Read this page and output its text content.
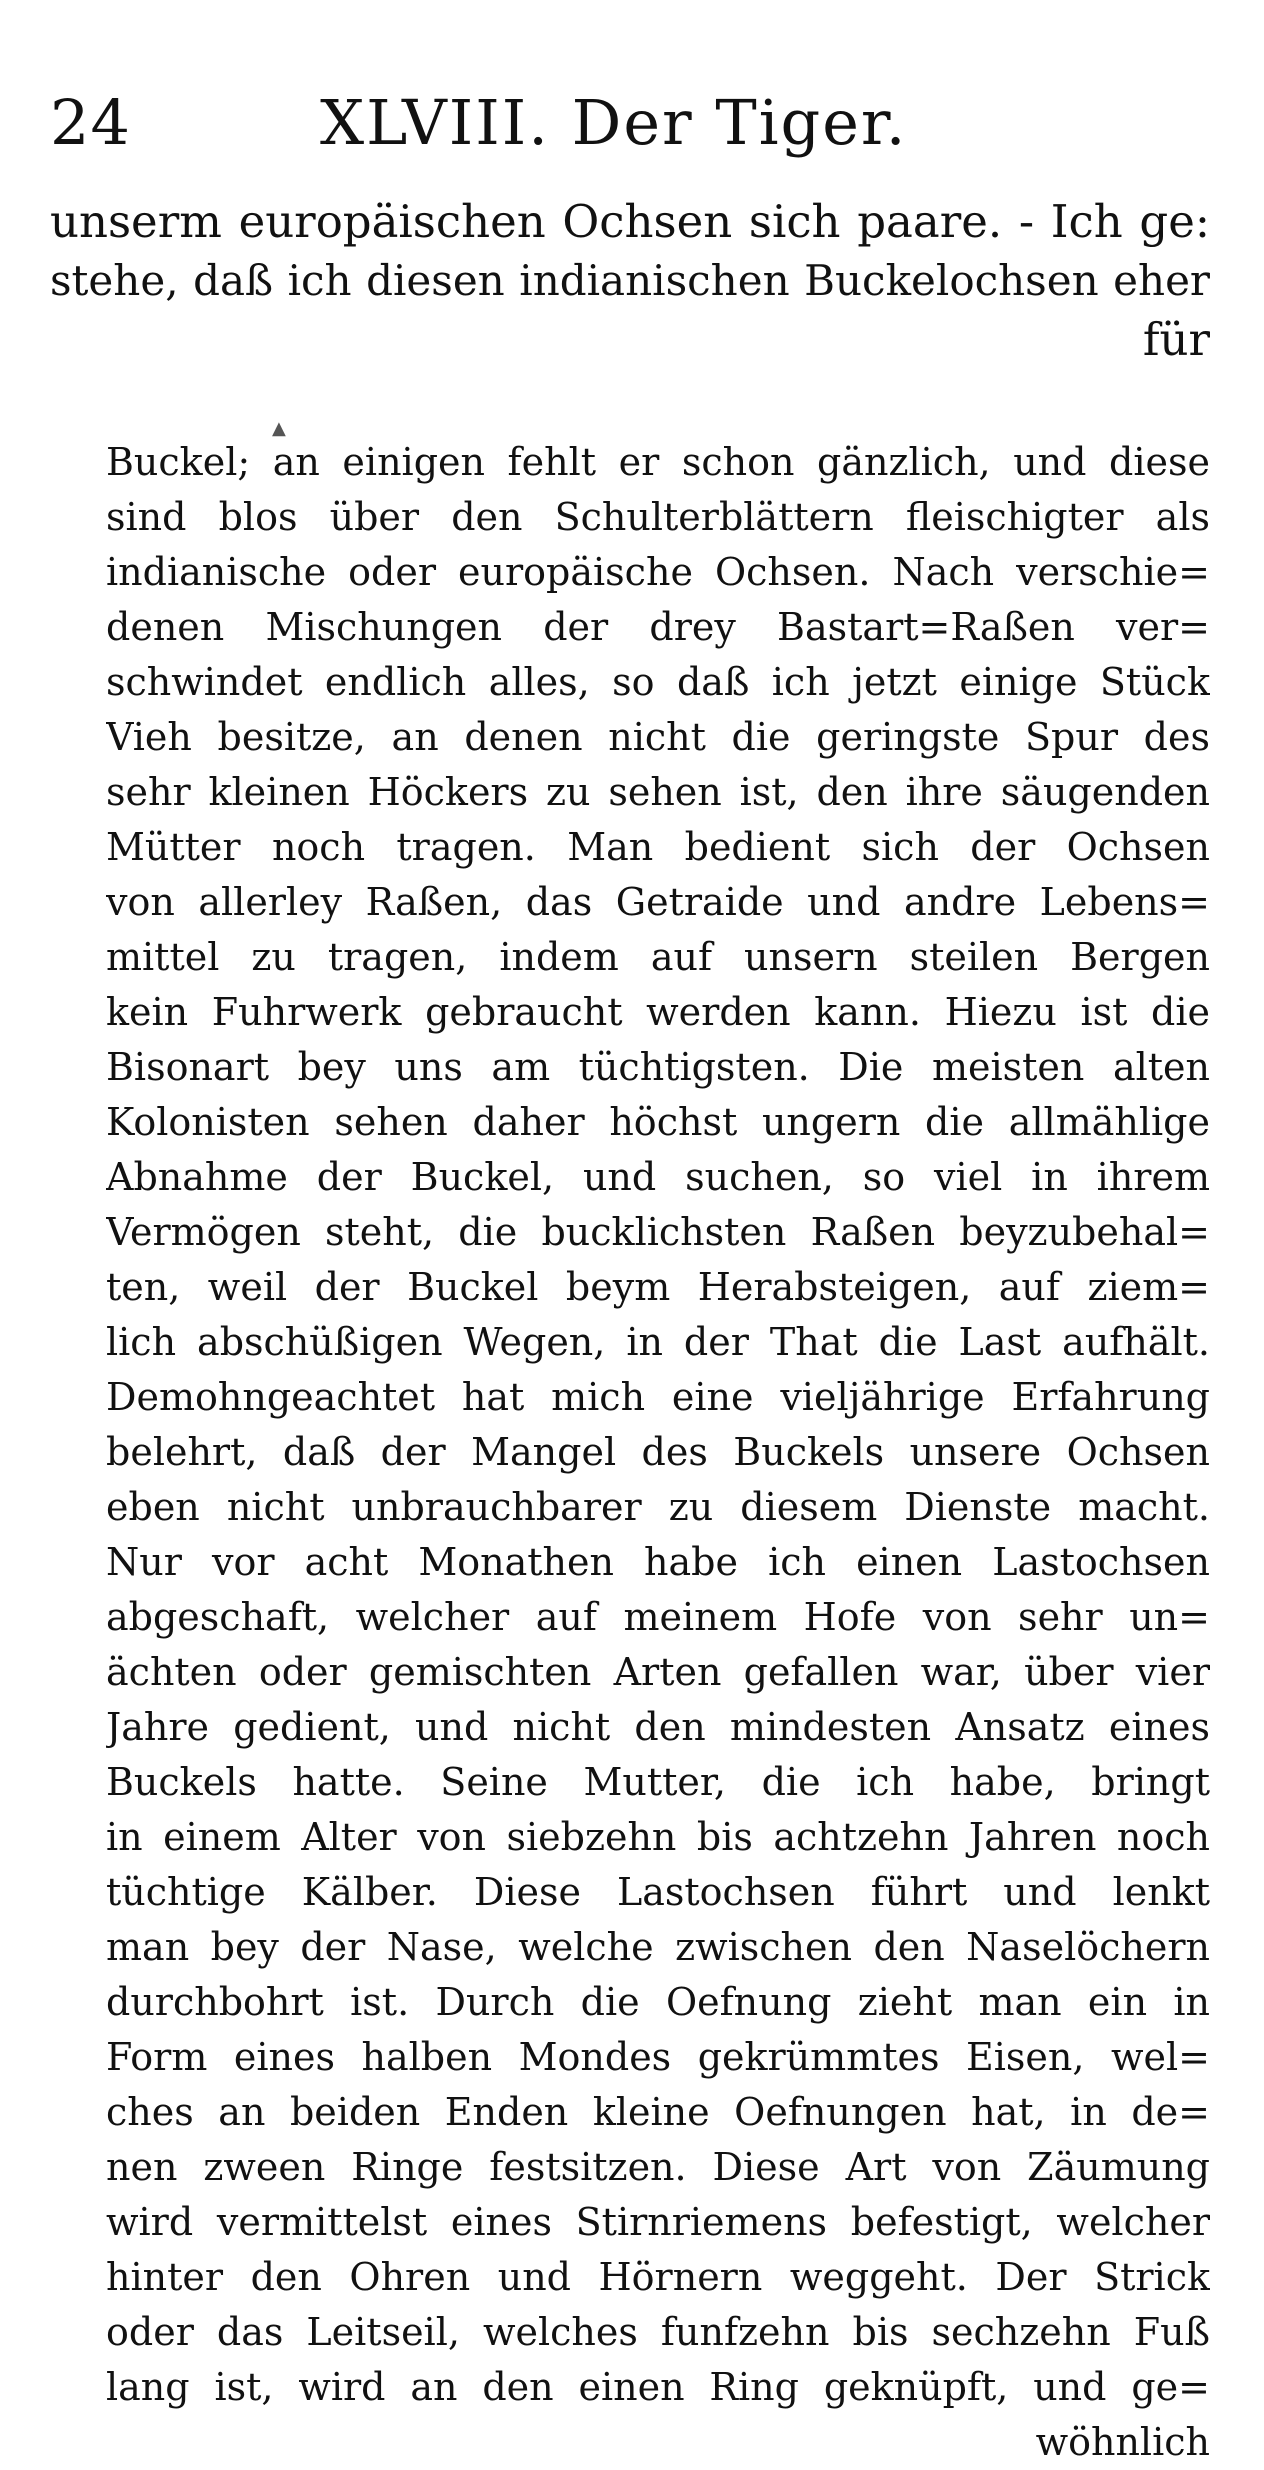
24	XLVIII. Der Tiger.
unserm europäischen Ochsen sich paare. - Ich ge:
stehe, daß ich diesen indianischen Buckelochsen eher
für
▲
Buckel; an einigen fehlt er schon gänzlich, und diese
sind blos über den Schulterblättern fleischigter als
indianische oder europäische Ochsen. Nach verschie=
denen Mischungen der drey Bastart=Raßen ver=
schwindet endlich alles, so daß ich jetzt einige Stück
Vieh besitze, an denen nicht die geringste Spur des
sehr kleinen Höckers zu sehen ist, den ihre säugenden
Mütter noch tragen. Man bedient sich der Ochsen
von allerley Raßen, das Getraide und andre Lebens=
mittel zu tragen, indem auf unsern steilen Bergen
kein Fuhrwerk gebraucht werden kann. Hiezu ist die
Bisonart bey uns am tüchtigsten. Die meisten alten
Kolonisten sehen daher höchst ungern die allmählige
Abnahme der Buckel, und suchen, so viel in ihrem
Vermögen steht, die bucklichsten Raßen beyzubehal=
ten, weil der Buckel beym Herabsteigen, auf ziem=
lich abschüßigen Wegen, in der That die Last aufhält.
Demohngeachtet hat mich eine vieljährige Erfahrung
belehrt, daß der Mangel des Buckels unsere Ochsen
eben nicht unbrauchbarer zu diesem Dienste macht.
Nur vor acht Monathen habe ich einen Lastochsen
abgeschaft, welcher auf meinem Hofe von sehr un=
ächten oder gemischten Arten gefallen war, über vier
Jahre gedient, und nicht den mindesten Ansatz eines
Buckels hatte. Seine Mutter, die ich habe, bringt
in einem Alter von siebzehn bis achtzehn Jahren noch
tüchtige Kälber. Diese Lastochsen führt und lenkt
man bey der Nase, welche zwischen den Naselöchern
durchbohrt ist. Durch die Oefnung zieht man ein in
Form eines halben Mondes gekrümmtes Eisen, wel=
ches an beiden Enden kleine Oefnungen hat, in de=
nen zween Ringe festsitzen. Diese Art von Zäumung
wird vermittelst eines Stirnriemens befestigt, welcher
hinter den Ohren und Hörnern weggeht. Der Strick
oder das Leitseil, welches funfzehn bis sechzehn Fuß
lang ist, wird an den einen Ring geknüpft, und ge=
wöhnlich
